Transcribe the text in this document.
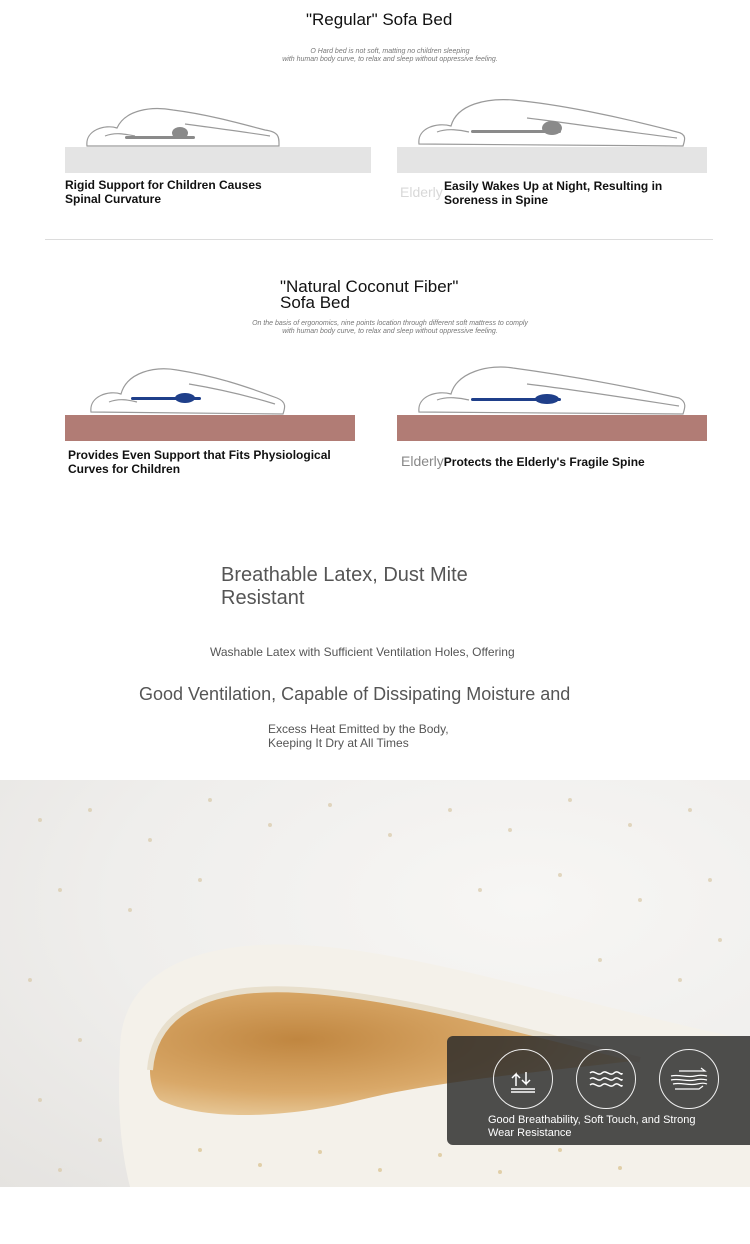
"Regular" Sofa Bed
O Hard bed is not soft, matting no children sleeping
with human body curve, to relax and sleep without oppressive feeling.
Rigid Support for Children Causes
Spinal Curvature	Elderly Easily Wakes Up at Night, Resulting in
Soreness in Spine
"Natural Coconut Fiber"
Sofa Bed
On the basis of ergonomics, nine points location through different soft mattress to comply
with human body curve, to relax and sleep without oppressive feeling.
Provides Even Support that Fits Physiological
Curves for Children	ElderlyProtects the Elderly's Fragile Spine
Breathable Latex, Dust Mite
Resistant
Washable Latex with Sufficient Ventilation Holes, Offering
Good Ventilation, Capable of Dissipating Moisture and
Excess Heat Emitted by the Body,
Keeping It Dry at All Times
Good Breathability, Soft Touch, and Strong
Wear Resistance
